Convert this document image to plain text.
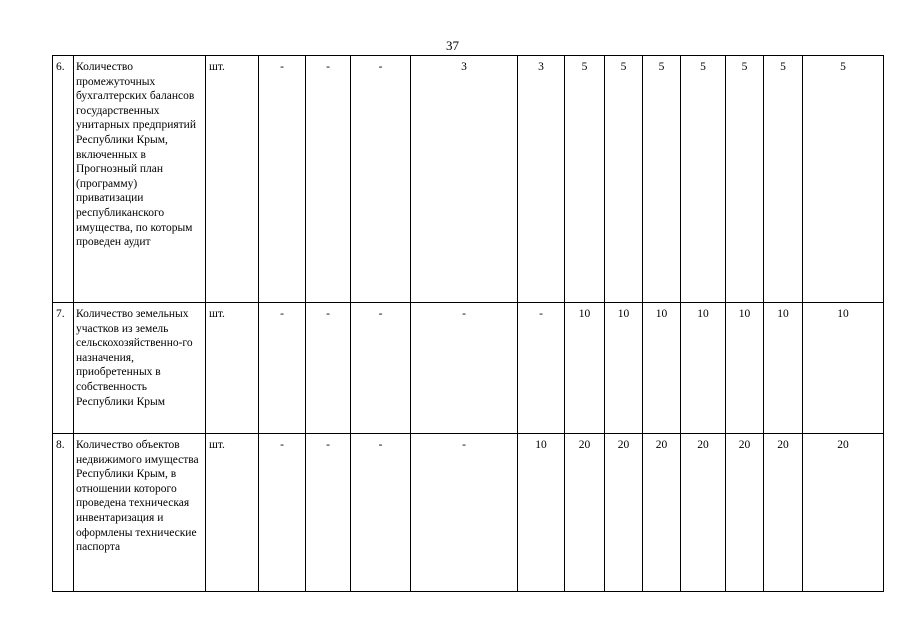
37
6.	Количество промежуточных бухгалтерских балансов государственных унитарных предприятий Республики Крым, включенных в Прогнозный план (программу) приватизации республиканского имущества, по которым проведен аудит	шт.	-	-	-	3	3	5	5	5	5	5	5	5	
7.	Количество земельных участков из земель сельскохозяйственно-го назначения, приобретенных в собственность Республики Крым	шт.	-	-	-	-	-	10	10	10	10	10	10	10	
8.	Количество объектов недвижимого имущества Республики Крым, в отношении которого проведена техническая инвентаризация и оформлены технические паспорта	шт.	-	-	-	-	10	20	20	20	20	20	20	20	
